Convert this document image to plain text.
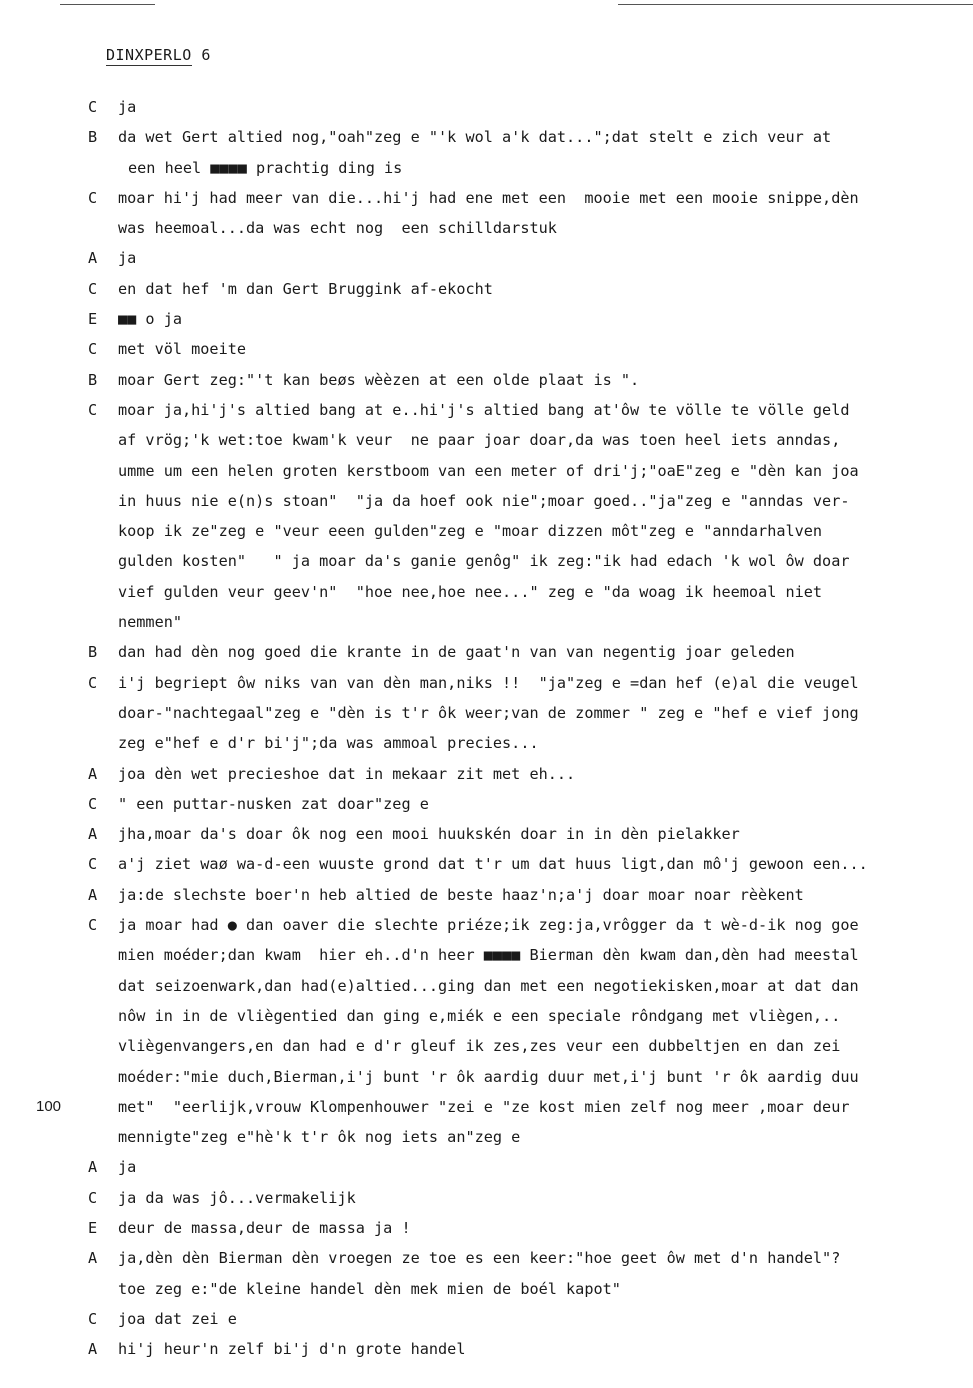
DINXPERLO 6
C ja
B da wet Gert altied nog,"oah"zeg e "'k wol a'k dat...";dat stelt e zich veur at
een heel ■■■■ prachtig ding is
C moar hi'j had meer van die...hi'j had ene met een  mooie met een mooie snippe,dèn
was heemoal...da was echt nog  een schilldarstuk
A ja
C en dat hef 'm dan Gert Bruggink af-ekocht
E ■■ o ja
C met völ moeite
B moar Gert zeg:"'t kan beøs wèèzen at een olde plaat is ".
C moar ja,hi'j's altied bang at e..hi'j's altied bang at'ôw te völle te völle geld
af vrög;'k wet:toe kwam'k veur  ne paar joar doar,da was toen heel iets anndas,
umme um een helen groten kerstboom van een meter of dri'j;"oaE"zeg e "dèn kan joa
in huus nie e(n)s stoan"  "ja da hoef ook nie";moar goed.."ja"zeg e "anndas ver-
koop ik ze"zeg e "veur eeen gulden"zeg e "moar dizzen môt"zeg e "anndarhalven
gulden kosten"   " ja moar da's ganie genôg" ik zeg:"ik had edach 'k wol ôw doar
vief gulden veur geev'n"  "hoe nee,hoe nee..." zeg e "da woag ik heemoal niet
nemmen"
B dan had dèn nog goed die krante in de gaat'n van van negentig joar geleden
C i'j begriept ôw niks van van dèn man,niks !!  "ja"zeg e =dan hef (e)al die veugel
doar-"nachtegaal"zeg e "dèn is t'r ôk weer;van de zommer " zeg e "hef e vief jong
zeg e"hef e d'r bi'j";da was ammoal precies...
A joa dèn wet precieshoe dat in mekaar zit met eh...
C " een puttar-nusken zat doar"zeg e
A jha,moar da's doar ôk nog een mooi huukskén doar in in dèn pielakker
C a'j ziet waø wa-d-een wuuste grond dat t'r um dat huus ligt,dan mô'j gewoon een...
A ja:de slechste boer'n heb altied de beste haaz'n;a'j doar moar noar rèèkent
C ja moar had ● dan oaver die slechte priéze;ik zeg:ja,vrôgger da t wè-d-ik nog goe
mien moéder;dan kwam  hier eh..d'n heer ■■■■ Bierman dèn kwam dan,dèn had meestal
dat seizoenwark,dan had(e)altied...ging dan met een negotiekisken,moar at dat dan
nôw in in de vliègentied dan ging e,miék e een speciale rôndgang met vliègen,..
vliègenvangers,en dan had e d'r gleuf ik zes,zes veur een dubbeltjen en dan zei
moéder:"mie duch,Bierman,i'j bunt 'r ôk aardig duur met,i'j bunt 'r ôk aardig duu
100	met"  "eerlijk,vrouw Klompenhouwer "zei e "ze kost mien zelf nog meer ,moar deur
mennigte"zeg e"hè'k t'r ôk nog iets an"zeg e
A ja
C ja da was jô...vermakelijk
E deur de massa,deur de massa ja !
A ja,dèn dèn Bierman dèn vroegen ze toe es een keer:"hoe geet ôw met d'n handel"?
toe zeg e:"de kleine handel dèn mek mien de boél kapot"
C joa dat zei e
A hi'j heur'n zelf bi'j d'n grote handel
